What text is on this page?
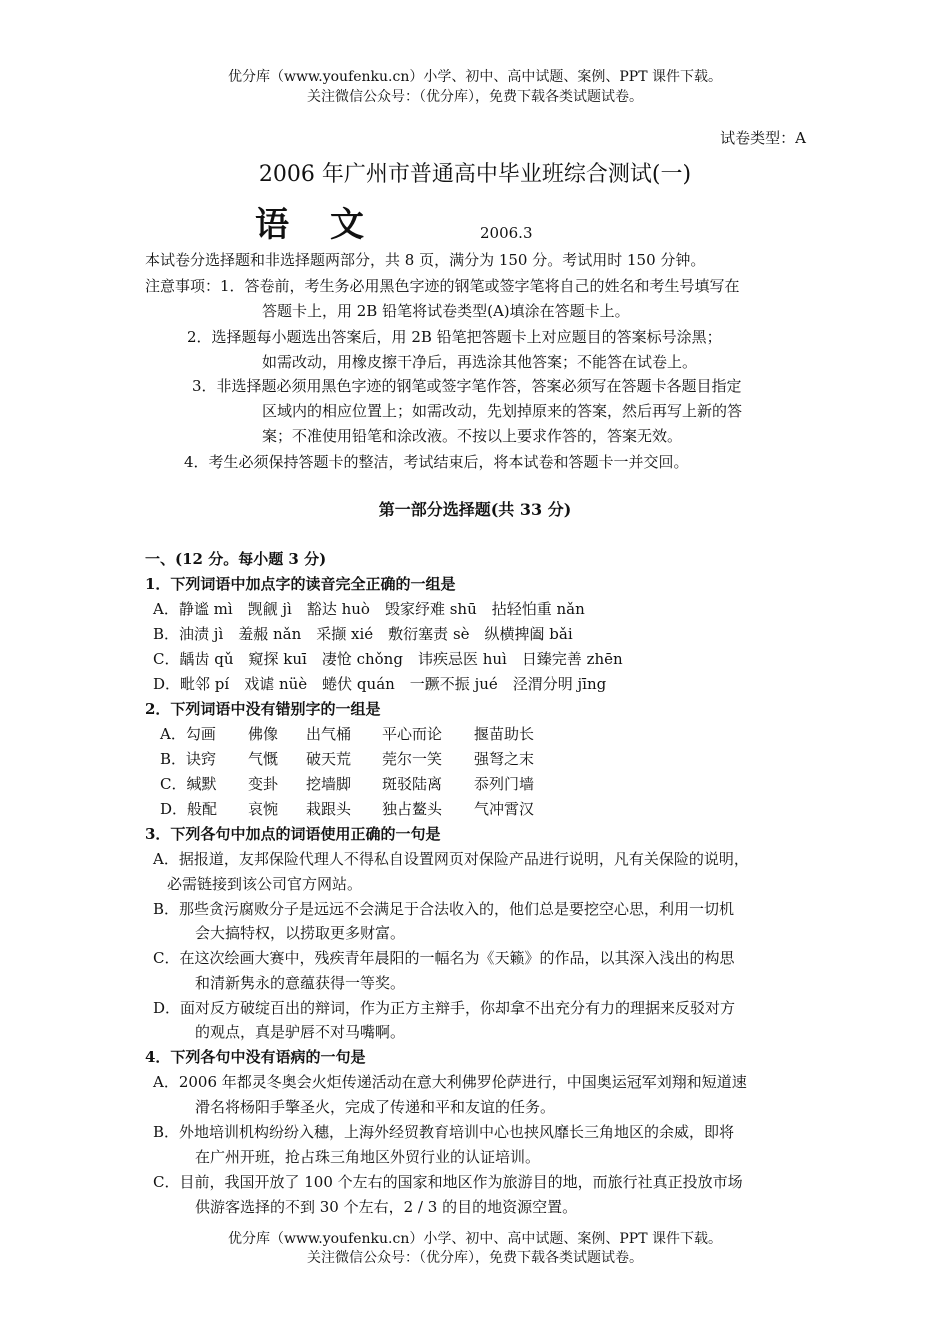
优分库（www.youfenku.cn）小学、初中、高中试题、案例、PPT 课件下载。
关注微信公众号：（优分库），免费下载各类试题试卷。
试卷类型：A
2006 年广州市普通高中毕业班综合测试(一)
语 文	2006.3
本试卷分选择题和非选择题两部分，共 8 页，满分为 150 分。考试用时 150 分钟。
注意事项：1．答卷前，考生务必用黑色字迹的钢笔或签字笔将自己的姓名和考生号填写在
答题卡上，用 2B 铅笔将试卷类型(A)填涂在答题卡上。
2．选择题每小题选出答案后，用 2B 铅笔把答题卡上对应题目的答案标号涂黑；
如需改动，用橡皮擦干净后，再选涂其他答案；不能答在试卷上。
3．非选择题必须用黑色字迹的钢笔或签字笔作答，答案必须写在答题卡各题目指定
区域内的相应位置上；如需改动，先划掉原来的答案，然后再写上新的答
案；不准使用铅笔和涂改液。不按以上要求作答的，答案无效。
4．考生必须保持答题卡的整洁，考试结束后，将本试卷和答题卡一并交回。
第一部分选择题(共 33 分)
一、(12 分。每小题 3 分)
1．下列词语中加点字的读音完全正确的一组是
A．静谧 mì　觊觎 jì　豁达 huò　毁家纾难 shū　拈轻怕重 nǎn
B．油渍 jì　羞赧 nǎn　采撷 xié　敷衍塞责 sè　纵横捭阖 bǎi
C．龋齿 qǔ　窥探 kuī　凄怆 chǒng　讳疾忌医 huì　日臻完善 zhēn
D．毗邻 pí　戏谑 nüè　蜷伏 quán　一蹶不振 jué　泾渭分明 jīng
2．下列词语中没有错别字的一组是
A．勾画 佛像 出气桶 平心而论 揠苗助长
B．诀窍 气慨 破天荒 莞尔一笑 强弩之末
C．缄默 变卦 挖墙脚 斑驳陆离 忝列门墙
D．般配 哀惋 栽跟头 独占鳌头 气冲霄汉
3．下列各句中加点的词语使用正确的一句是
A．据报道，友邦保险代理人不得私自设置网页对保险产品进行说明，凡有关保险的说明，
必需链接到该公司官方网站。
B．那些贪污腐败分子是远远不会满足于合法收入的，他们总是要挖空心思，利用一切机
会大搞特权，以捞取更多财富。
C．在这次绘画大赛中，残疾青年晨阳的一幅名为《天籁》的作品，以其深入浅出的构思
和清新隽永的意蕴获得一等奖。
D．面对反方破绽百出的辩词，作为正方主辩手，你却拿不出充分有力的理据来反驳对方
的观点，真是驴唇不对马嘴啊。
4．下列各句中没有语病的一句是
A．2006 年都灵冬奥会火炬传递活动在意大利佛罗伦萨进行，中国奥运冠军刘翔和短道速
滑名将杨阳手擎圣火，完成了传递和平和友谊的任务。
B．外地培训机构纷纷入穗，上海外经贸教育培训中心也挟风靡长三角地区的余威，即将
在广州开班，抢占珠三角地区外贸行业的认证培训。
C．目前，我国开放了 100 个左右的国家和地区作为旅游目的地，而旅行社真正投放市场
供游客选择的不到 30 个左右，2 / 3 的目的地资源空置。
优分库（www.youfenku.cn）小学、初中、高中试题、案例、PPT 课件下载。
关注微信公众号：（优分库），免费下载各类试题试卷。
